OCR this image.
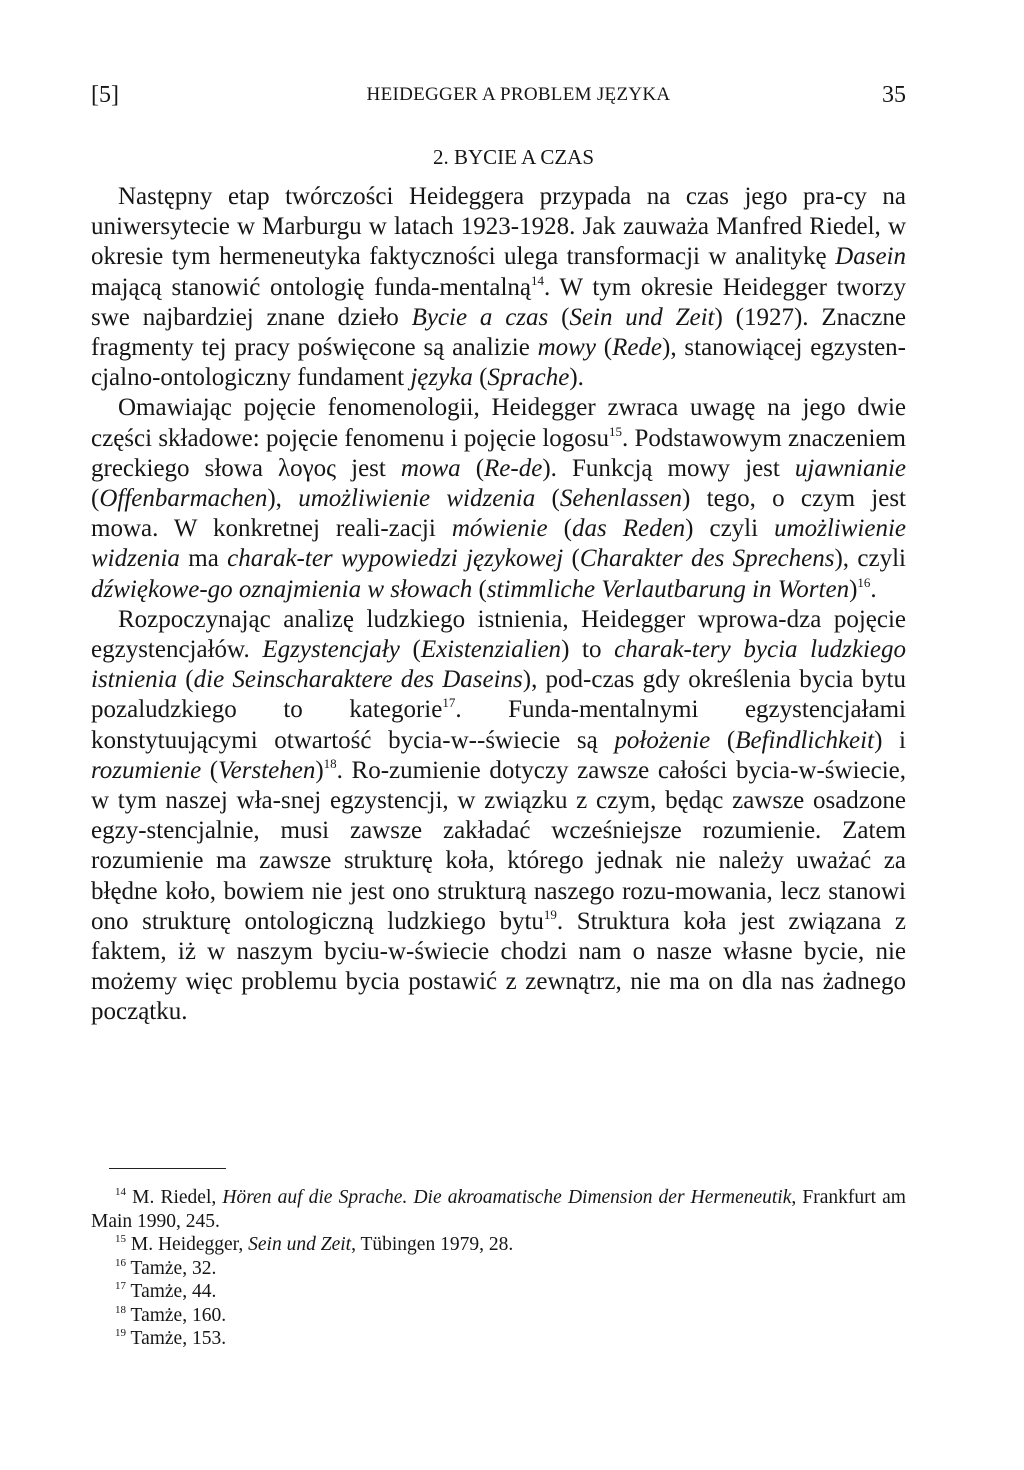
[5]	HEIDEGGER A PROBLEM JĘZYKA	35
2. BYCIE A CZAS

Następny etap twórczości Heideggera przypada na czas jego pra-cy na uniwersytecie w Marburgu w latach 1923-1928. Jak zauważa Manfred Riedel, w okresie tym hermeneutyka faktyczności ulega transformacji w analitykę Dasein mającą stanowić ontologię funda-mentalną$^{14}$. W tym okresie Heidegger tworzy swe najbardziej znane dzieło Bycie a czas (Sein und Zeit) (1927). Znaczne fragmenty tej pracy poświęcone są analizie mowy (Rede), stanowiącej egzysten-cjalno-ontologiczny fundament języka (Sprache).

Omawiając pojęcie fenomenologii, Heidegger zwraca uwagę na jego dwie części składowe: pojęcie fenomenu i pojęcie logosu$^{15}$. Podstawowym znaczeniem greckiego słowa λογος jest mowa (Re-de). Funkcją mowy jest ujawnianie (Offenbarmachen), umożliwienie widzenia (Sehenlassen) tego, o czym jest mowa. W konkretnej reali-zacji mówienie (das Reden) czyli umożliwienie widzenia ma charak-ter wypowiedzi językowej (Charakter des Sprechens), czyli dźwiękowe-go oznajmienia w słowach (stimmliche Verlautbarung in Worten)$^{16}$.

Rozpoczynając analizę ludzkiego istnienia, Heidegger wprowa-dza pojęcie egzystencjałów. Egzystencjały (Existenzialien) to charak-tery bycia ludzkiego istnienia (die Seinscharaktere des Daseins), pod-czas gdy określenia bycia bytu pozaludzkiego to kategorie$^{17}$. Funda-mentalnymi egzystencjałami konstytuującymi otwartość bycia-w--świecie są położenie (Befindlichkeit) i rozumienie (Verstehen)$^{18}$. Ro-zumienie dotyczy zawsze całości bycia-w-świecie, w tym naszej wła-snej egzystencji, w związku z czym, będąc zawsze osadzone egzy-stencjalnie, musi zawsze zakładać wcześniejsze rozumienie. Zatem rozumienie ma zawsze strukturę koła, którego jednak nie należy uważać za błędne koło, bowiem nie jest ono strukturą naszego rozu-mowania, lecz stanowi ono strukturę ontologiczną ludzkiego bytu$^{19}$. Struktura koła jest związana z faktem, iż w naszym byciu-w-świecie chodzi nam o nasze własne bycie, nie możemy więc problemu bycia postawić z zewnątrz, nie ma on dla nas żadnego początku.

$^{14}$ M. Riedel, Hören auf die Sprache. Die akroamatische Dimension der Hermeneutik, Frankfurt am Main 1990, 245.

$^{15}$ M. Heidegger, Sein und Zeit, Tübingen 1979, 28.

$^{16}$ Tamże, 32.

$^{17}$ Tamże, 44.

$^{18}$ Tamże, 160.

$^{19}$ Tamże, 153.
